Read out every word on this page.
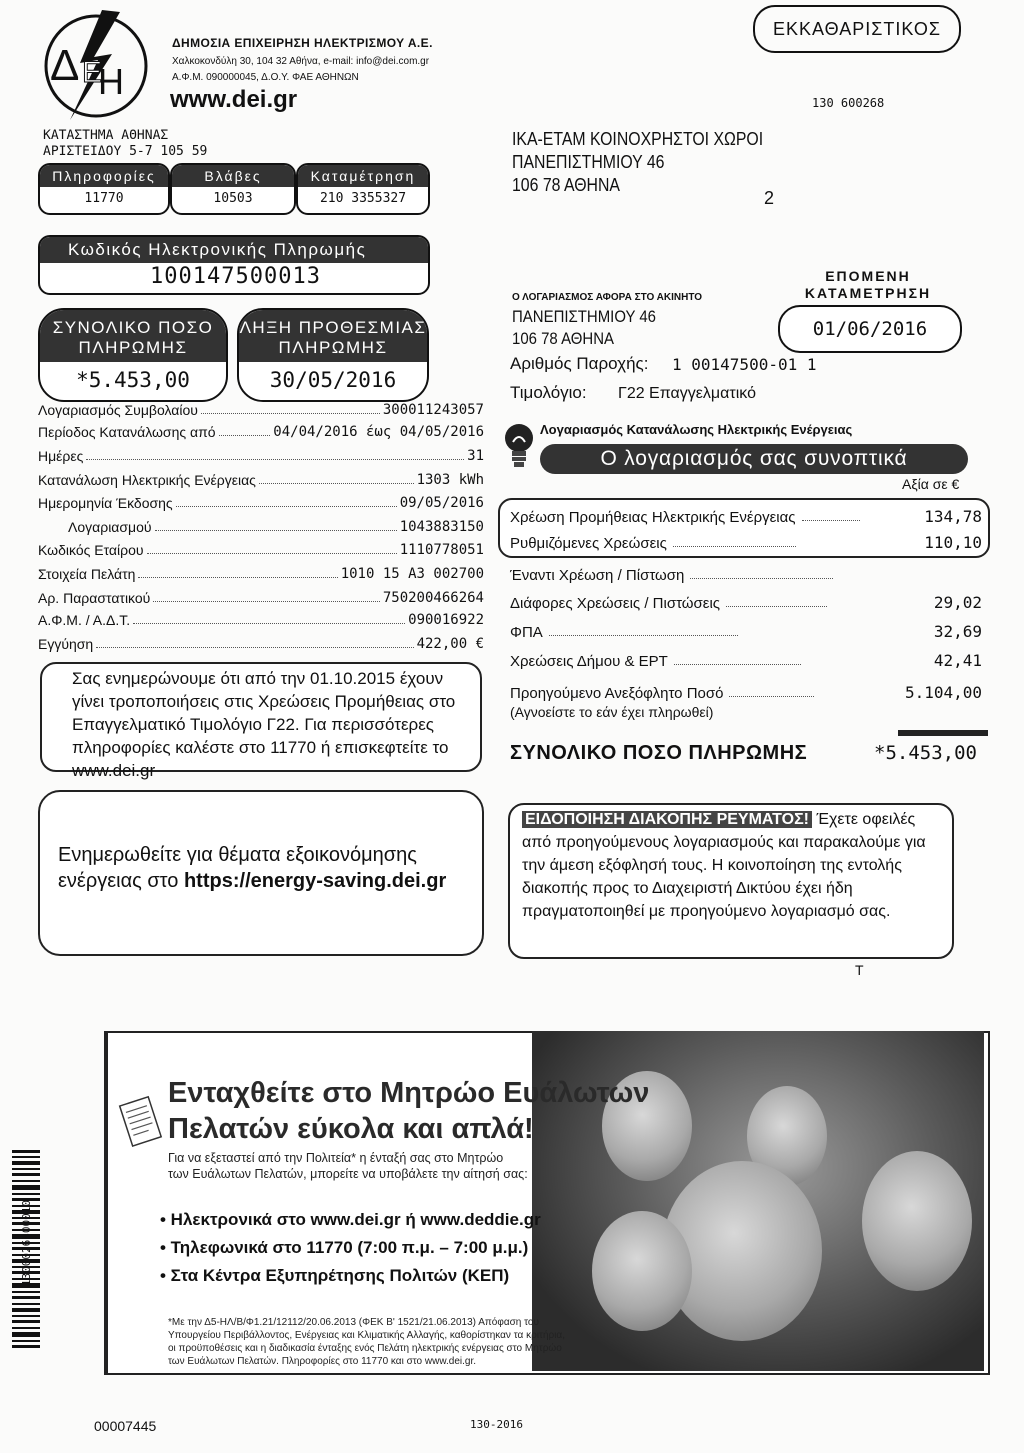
Δ Η
Ε
ΔΗΜΟΣΙΑ ΕΠΙΧΕΙΡΗΣΗ ΗΛΕΚΤΡΙΣΜΟΥ Α.Ε.
Χαλκοκονδύλη 30, 104 32 Αθήνα, e-mail: info@dei.com.gr
Α.Φ.Μ. 090000045, Δ.Ο.Υ. ΦΑΕ ΑΘΗΝΩΝ
www.dei.gr
ΚΑΤΑΣΤΗΜΑ ΑΘΗΝΑΣ
ΑΡΙΣΤΕΙΔΟΥ 5-7 105 59
Πληροφορίες
11770
Βλάβες
10503
Καταμέτρηση
210 3355327
Κωδικός Ηλεκτρονικής Πληρωμής
10014750001З
ΣΥΝΟΛΙΚΟ ΠΟΣΟ ΠΛΗΡΩΜΗΣ
*5.453,00
ΛΗΞΗ ΠΡΟΘΕΣΜΙΑΣ ΠΛΗΡΩΜΗΣ
30/05/2016
ΕΚΚΑΘΑΡΙΣΤΙΚΟΣ
130 600268
ΙΚΑ-ΕΤΑΜ ΚΟΙΝΟΧΡΗΣΤΟΙ ΧΩΡΟΙ
ΠΑΝΕΠΙΣΤΗΜΙΟΥ 46
106 78 ΑΘΗΝΑ
2
ΕΠΟΜΕΝΗ
ΚΑΤΑΜΕΤΡΗΣΗ
01/06/2016
Ο ΛΟΓΑΡΙΑΣΜΟΣ ΑΦΟΡΑ ΣΤΟ ΑΚΙΝΗΤΟ
ΠΑΝΕΠΙΣΤΗΜΙΟΥ 46
106 78 ΑΘΗΝΑ
Αριθμός Παροχής: 1 00147500-01 1
Τιμολόγιο: Γ22 Επαγγελματικό
Λογαριασμός Συμβολαίου	300011243057
Περίοδος Κατανάλωσης από	04/04/2016 έως 04/05/2016
Ημέρες	31
Κατανάλωση Ηλεκτρικής Ενέργειας	1303 kWh
Ημερομηνία Έκδοσης	09/05/2016
Λογαριασμού	1043883150
Κωδικός Εταίρου	1110778051
Στοιχεία Πελάτη	1010 15 A3 002700
Αρ. Παραστατικού	750200466264
Α.Φ.Μ. / Α.Δ.Τ.	090016922
Εγγύηση	422,00 €
Σας ενημερώνουμε ότι από την 01.10.2015 έχουν γίνει τροποποιήσεις στις Χρεώσεις Προμήθειας στο Επαγγελματικό Τιμολόγιο Γ22. Για περισσότερες πληροφορίες καλέστε στο 11770 ή επισκεφτείτε το www.dei.gr
Ενημερωθείτε για θέματα εξοικονόμησης ενέργειας στο https://energy-saving.dei.gr
Λογαριασμός Κατανάλωσης Ηλεκτρικής Ενέργειας
Ο λογαριασμός σας συνοπτικά
Αξία σε €
Χρέωση Προμήθειας Ηλεκτρικής Ενέργειας	134,78
Ρυθμιζόμενες Χρεώσεις	110,10
Έναντι Χρέωση / Πίστωση
Διάφορες Χρεώσεις / Πιστώσεις	29,02
ΦΠΑ	32,69
Χρεώσεις Δήμου & ΕΡΤ	42,41
Προηγούμενο Ανεξόφλητο Ποσό	5.104,00
(Αγνοείστε το εάν έχει πληρωθεί)
ΣΥΝΟΛΙΚΟ ΠΟΣΟ ΠΛΗΡΩΜΗΣ	*5.453,00
ΕΙΔΟΠΟΙΗΣΗ ΔΙΑΚΟΠΗΣ ΡΕΥΜΑΤΟΣ! Έχετε οφειλές από προηγούμενους λογαριασμούς και παρακαλούμε για την άμεση εξόφλησή τους. Η κοινοποίηση της εντολής διακοπής προς το Διαχειριστή Δικτύου έχει ήδη πραγματοποιηθεί με προηγούμενο λογαριασμό σας.
T
Ενταχθείτε στο Μητρώο Ευάλωτων
Πελατών εύκολα και απλά!
Για να εξεταστεί από την Πολιτεία* η ένταξή σας στο Μητρώο
των Ευάλωτων Πελατών, μπορείτε να υποβάλετε την αίτησή σας:
• Ηλεκτρονικά στο www.dei.gr ή www.deddie.gr
• Τηλεφωνικά στο 11770 (7:00 π.μ. – 7:00 μ.μ.)
• Στα Κέντρα Εξυπηρέτησης Πολιτών (ΚΕΠ)
*Με την Δ5-ΗΛ/Β/Φ1.21/12112/20.06.2013 (ΦΕΚ Β' 1521/21.06.2013) Απόφαση του
Υπουργείου Περιβάλλοντος, Ενέργειας και Κλιματικής Αλλαγής, καθορίστηκαν τα κριτήρια,
οι προϋποθέσεις και η διαδικασία ένταξης ενός Πελάτη ηλεκτρικής ενέργειας στο Μητρώο
των Ευάλωτων Πελατών. Πληροφορίες στο 11770 και στο www.dei.gr.
1300026800010
00007445	130-2016
